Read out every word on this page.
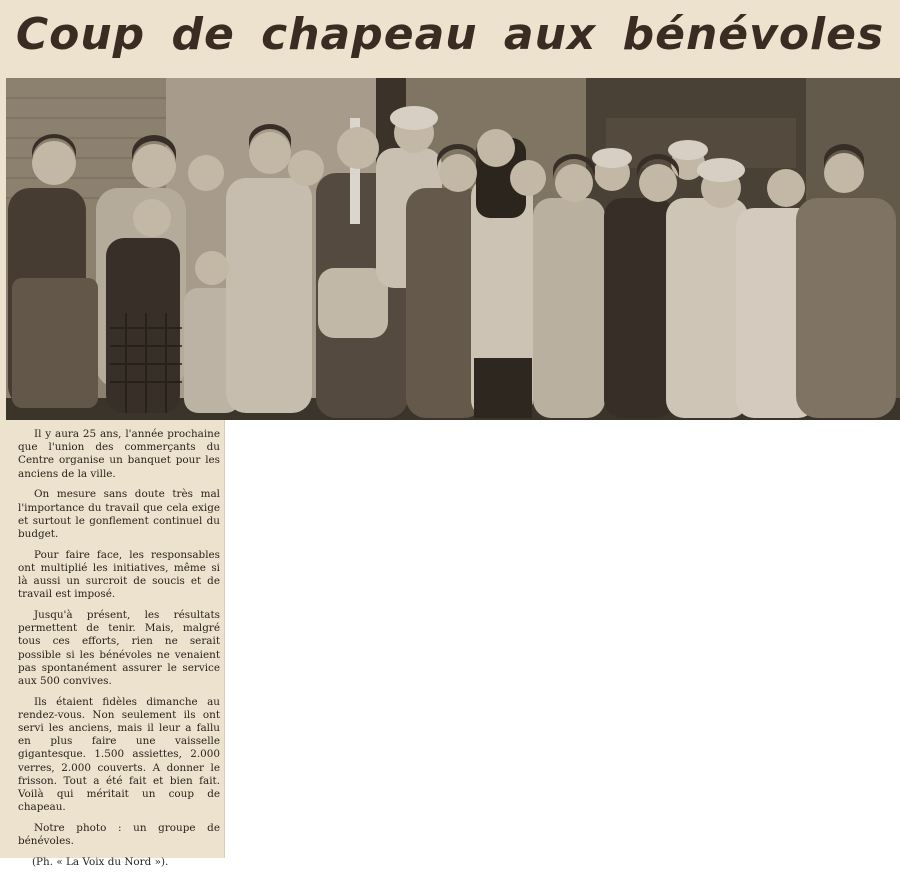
Coup de chapeau aux bénévoles

Il y aura 25 ans, l'année prochaine que l'union des commerçants du Centre organise un banquet pour les anciens de la ville.

On mesure sans doute très mal l'importance du travail que cela exige et surtout le gonflement continuel du budget.

Pour faire face, les responsables ont multiplié les initiatives, même si là aussi un surcroit de soucis et de travail est imposé.

Jusqu'à présent, les résultats permettent de tenir. Mais, malgré tous ces efforts, rien ne serait possible si les bénévoles ne venaient pas spontanément assurer le service aux 500 convives.

Ils étaient fidèles dimanche au rendez-vous. Non seulement ils ont servi les anciens, mais il leur a fallu en plus faire une vaisselle gigantesque. 1.500 assiettes, 2.000 verres, 2.000 couverts. A donner le frisson. Tout a été fait et bien fait. Voilà qui méritait un coup de chapeau.

Notre photo : un groupe de bénévoles.

(Ph. « La Voix du Nord »).
